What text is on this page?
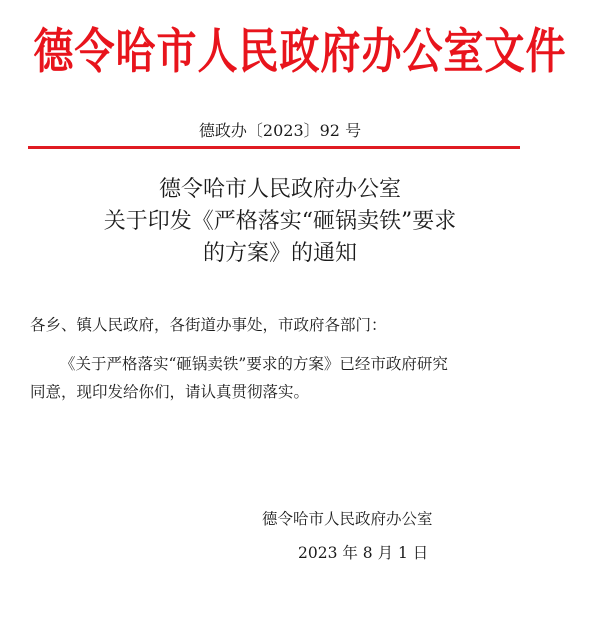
德令哈市人民政府办公室文件
德政办〔2023〕92 号
德令哈市人民政府办公室
关于印发《严格落实“砸锅卖铁”要求
的方案》的通知
各乡、镇人民政府，各街道办事处，市政府各部门：
《关于严格落实“砸锅卖铁”要求的方案》已经市政府研究
同意，现印发给你们，请认真贯彻落实。
德令哈市人民政府办公室
2023 年 8 月 1 日
